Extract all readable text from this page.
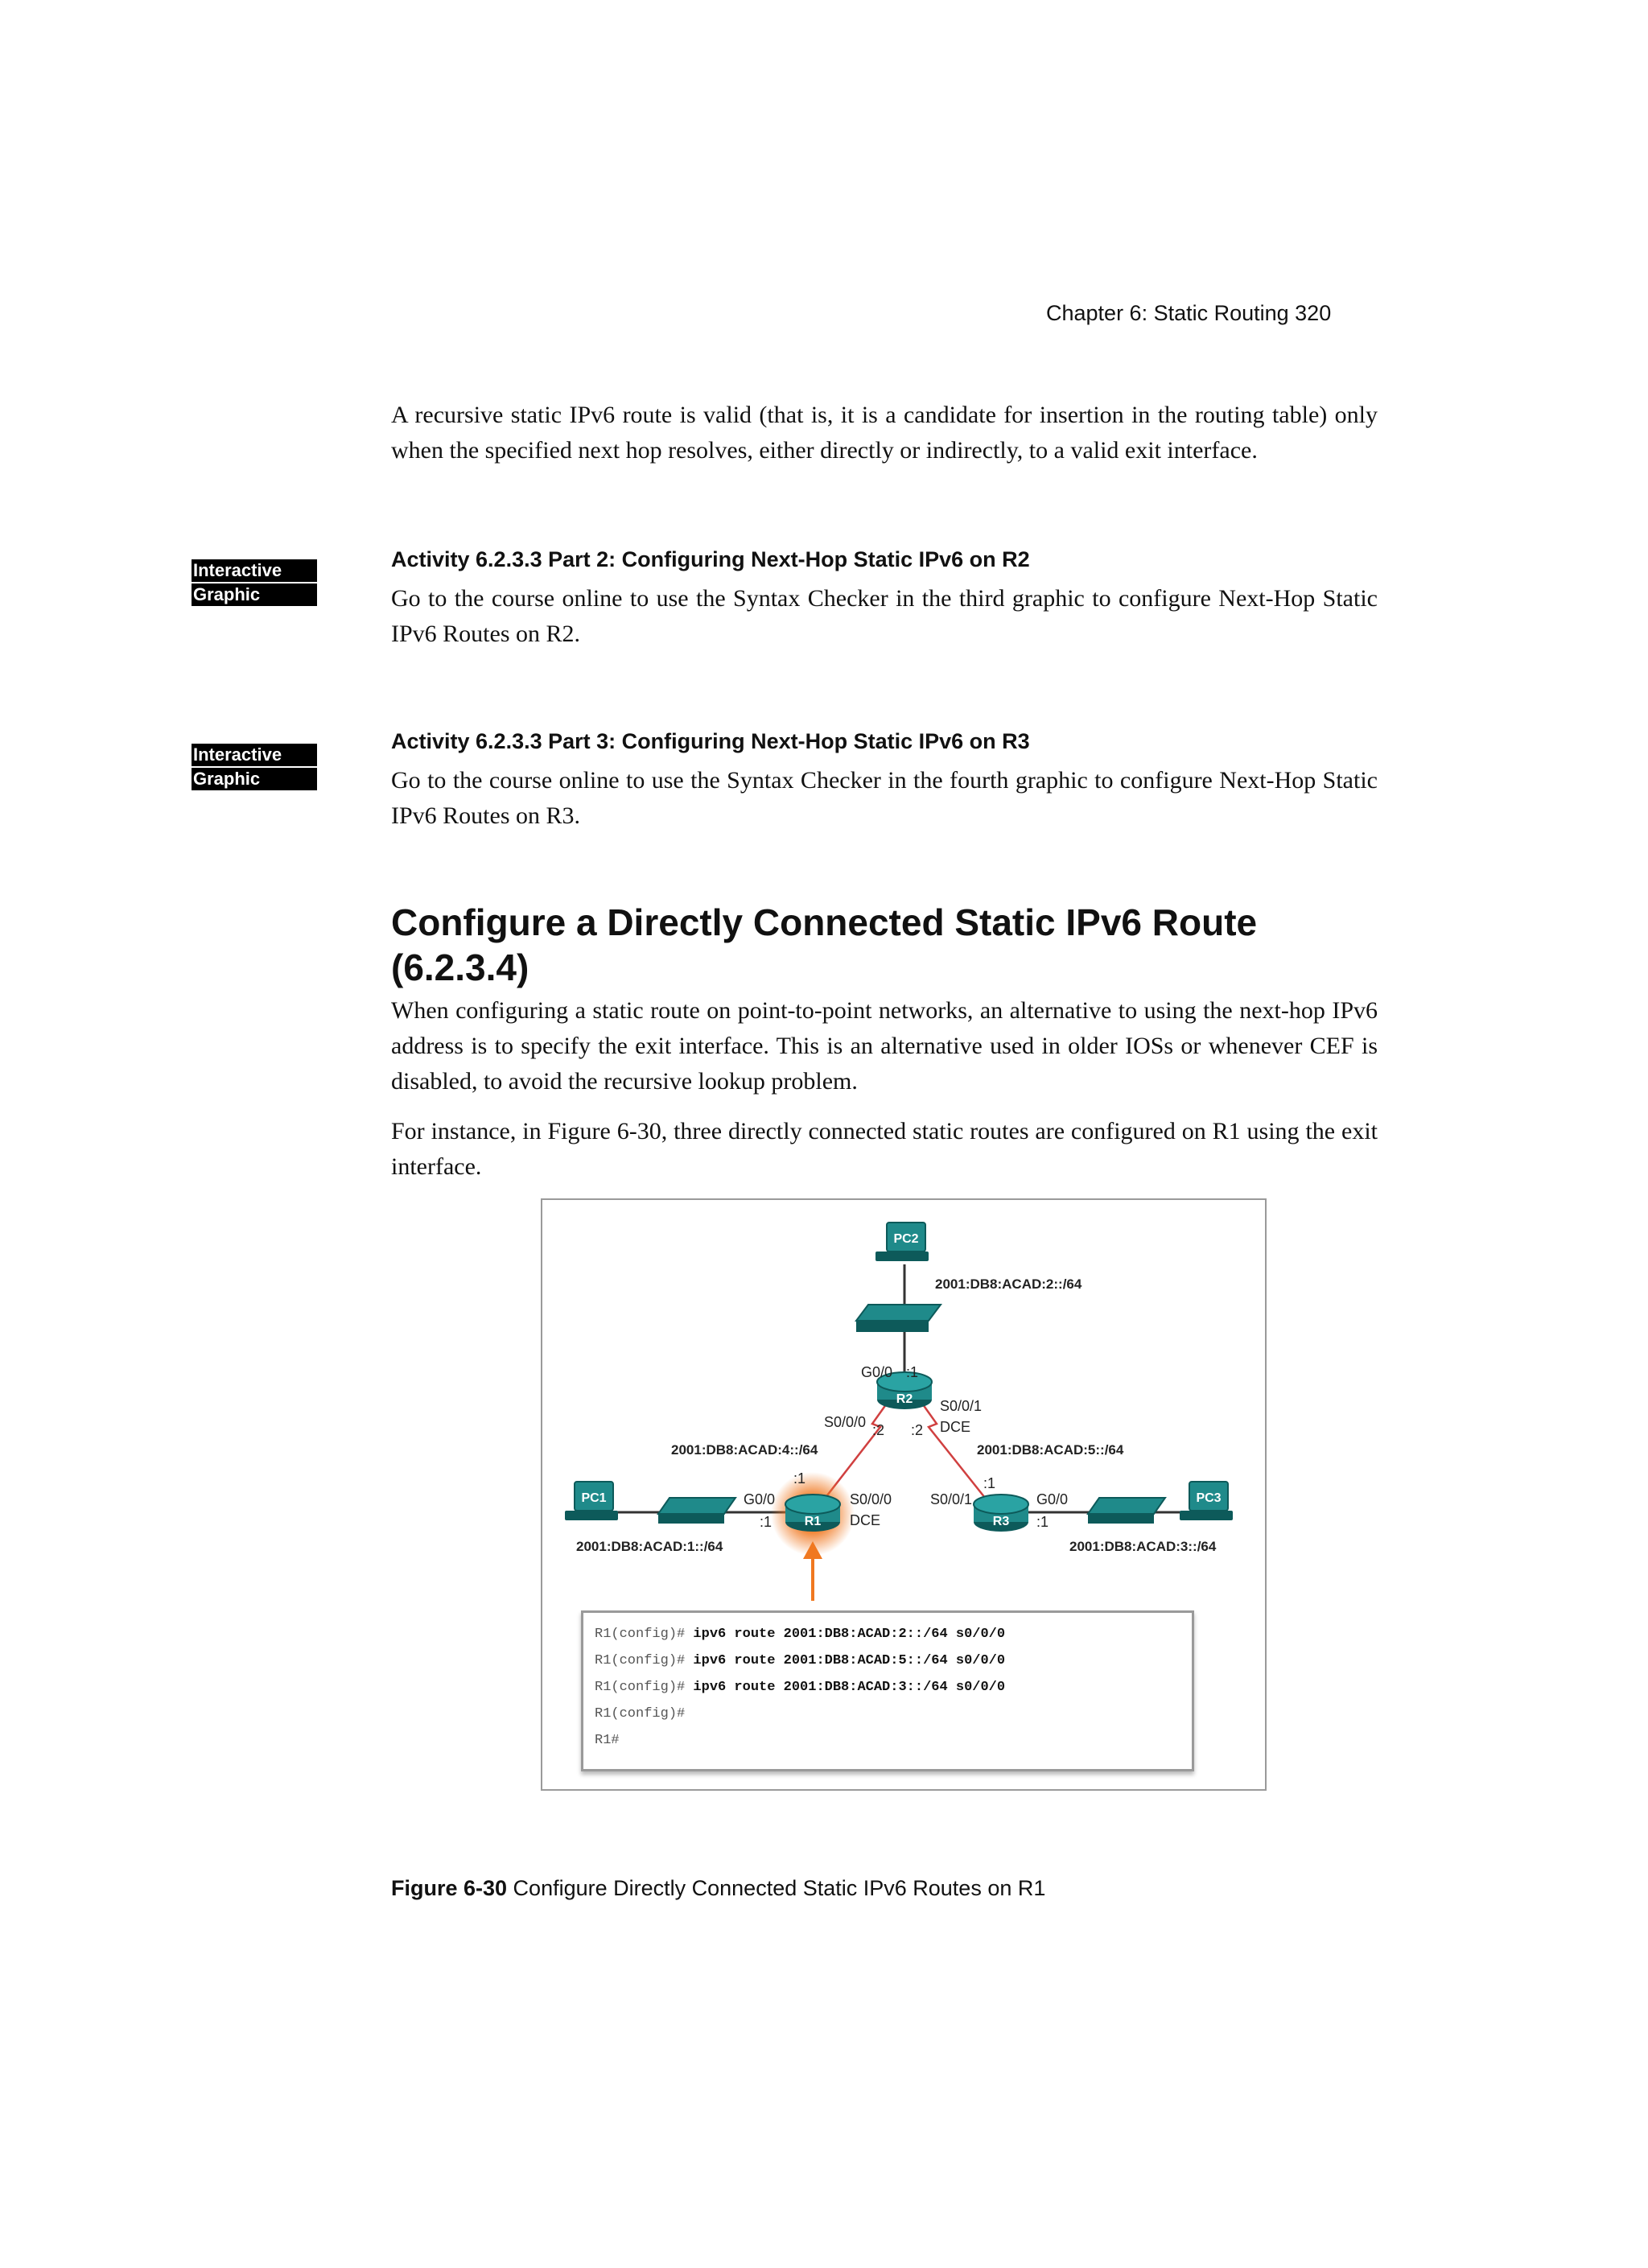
Chapter 6: Static Routing 320

A recursive static IPv6 route is valid (that is, it is a candidate for insertion in the routing table) only when the specified next hop resolves, either directly or indirectly, to a valid exit interface.

Interactive
Graphic

Activity 6.2.3.3 Part 2: Configuring Next-Hop Static IPv6 on R2

Go to the course online to use the Syntax Checker in the third graphic to configure Next-Hop Static IPv6 Routes on R2.

Interactive
Graphic

Activity 6.2.3.3 Part 3: Configuring Next-Hop Static IPv6 on R3

Go to the course online to use the Syntax Checker in the fourth graphic to configure Next-Hop Static IPv6 Routes on R3.

Configure a Directly Connected Static IPv6 Route (6.2.3.4)

When configuring a static route on point-to-point networks, an alternative to using the next-hop IPv6 address is to specify the exit interface. This is an alternative used in older IOSs or whenever CEF is disabled, to avoid the recursive lookup problem.

For instance, in Figure 6-30, three directly connected static routes are configured on R1 using the exit interface.

PC2
R2
R1	R3
PC1	PC3
2001:DB8:ACAD:2::/64
2001:DB8:ACAD:4::/64	2001:DB8:ACAD:5::/64
2001:DB8:ACAD:1::/64	2001:DB8:ACAD:3::/64
G0/0 :1
S0/0/0 :2 :2
S0/0/1
DCE
:1
G0/0
:1
S0/0/0
DCE
:1
S0/0/1	G0/0
:1
R1(config)# ipv6 route 2001:DB8:ACAD:2::/64 s0/0/0
R1(config)# ipv6 route 2001:DB8:ACAD:5::/64 s0/0/0
R1(config)# ipv6 route 2001:DB8:ACAD:3::/64 s0/0/0
R1(config)#
R1#

Figure 6-30 Configure Directly Connected Static IPv6 Routes on R1
